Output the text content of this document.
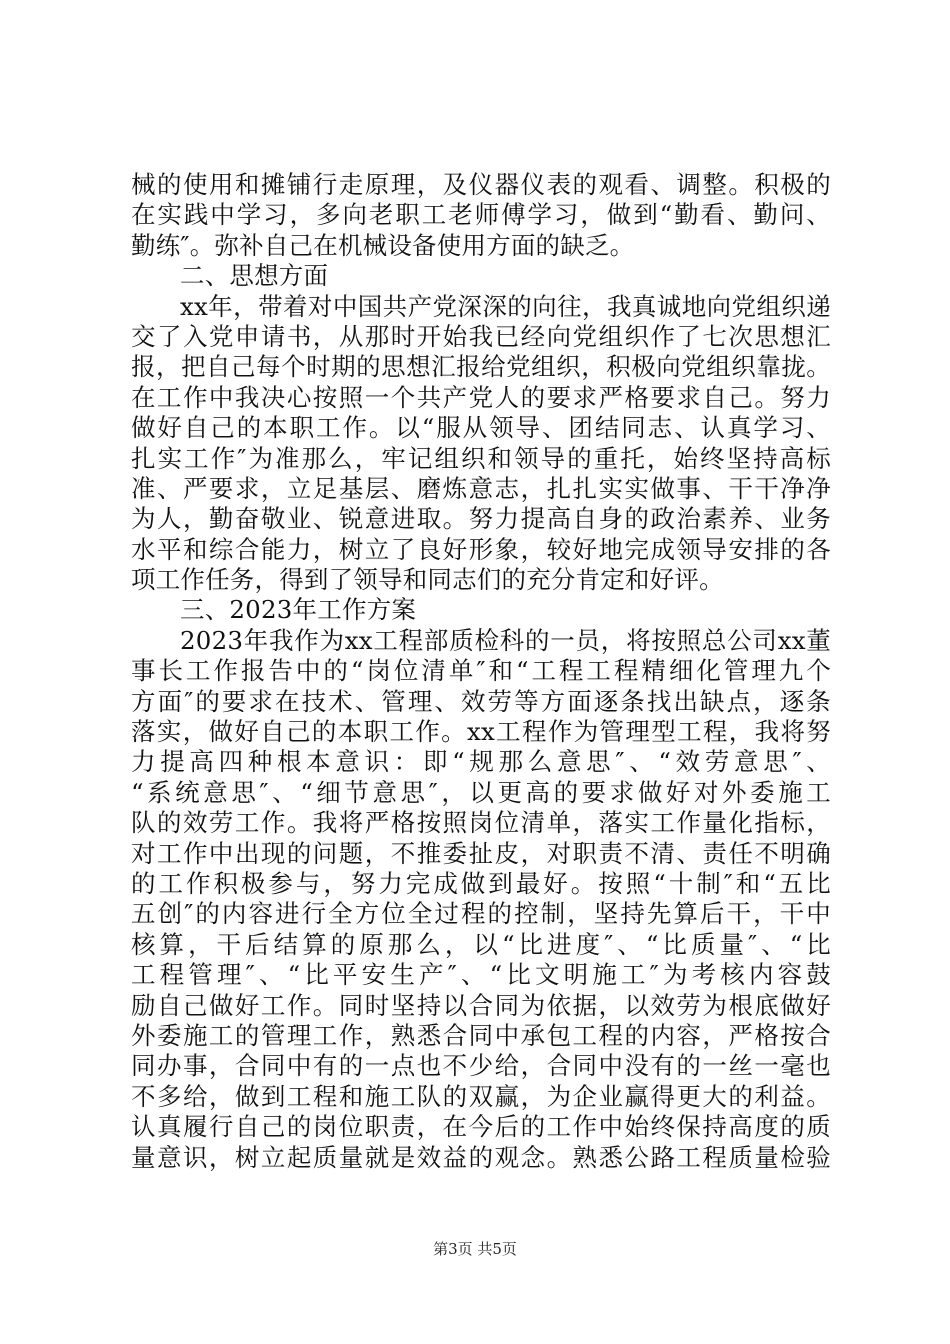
械的使用和摊铺行走原理，及仪器仪表的观看、调整。积极的
在实践中学习，多向老职工老师傅学习，做到“勤看、勤问、
勤练″。弥补自己在机械设备使用方面的缺乏。
二、思想方面
xx年，带着对中国共产党深深的向往，我真诚地向党组织递
交了入党申请书，从那时开始我已经向党组织作了七次思想汇
报，把自己每个时期的思想汇报给党组织，积极向党组织靠拢。
在工作中我决心按照一个共产党人的要求严格要求自己。努力
做好自己的本职工作。以“服从领导、团结同志、认真学习、
扎实工作″为准那么，牢记组织和领导的重托，始终坚持高标
准、严要求，立足基层、磨炼意志，扎扎实实做事、干干净净
为人，勤奋敬业、锐意进取。努力提高自身的政治素养、业务
水平和综合能力，树立了良好形象，较好地完成领导安排的各
项工作任务，得到了领导和同志们的充分肯定和好评。
三、2023年工作方案
2023年我作为xx工程部质检科的一员，将按照总公司xx董
事长工作报告中的“岗位清单″和“工程工程精细化管理九个
方面″的要求在技术、管理、效劳等方面逐条找出缺点，逐条
落实，做好自己的本职工作。xx工程作为管理型工程，我将努
力提高四种根本意识：即“规那么意思″、“效劳意思″、
“系统意思″、“细节意思″，以更高的要求做好对外委施工
队的效劳工作。我将严格按照岗位清单，落实工作量化指标，
对工作中出现的问题，不推委扯皮，对职责不清、责任不明确
的工作积极参与，努力完成做到最好。按照“十制″和“五比
五创″的内容进行全方位全过程的控制，坚持先算后干，干中
核算，干后结算的原那么，以“比进度″、“比质量″、“比
工程管理″、“比平安生产″、“比文明施工″为考核内容鼓
励自己做好工作。同时坚持以合同为依据，以效劳为根底做好
外委施工的管理工作，熟悉合同中承包工程的内容，严格按合
同办事，合同中有的一点也不少给，合同中没有的一丝一毫也
不多给，做到工程和施工队的双赢，为企业赢得更大的利益。
认真履行自己的岗位职责，在今后的工作中始终保持高度的质
量意识，树立起质量就是效益的观念。熟悉公路工程质量检验
第3页 共5页
